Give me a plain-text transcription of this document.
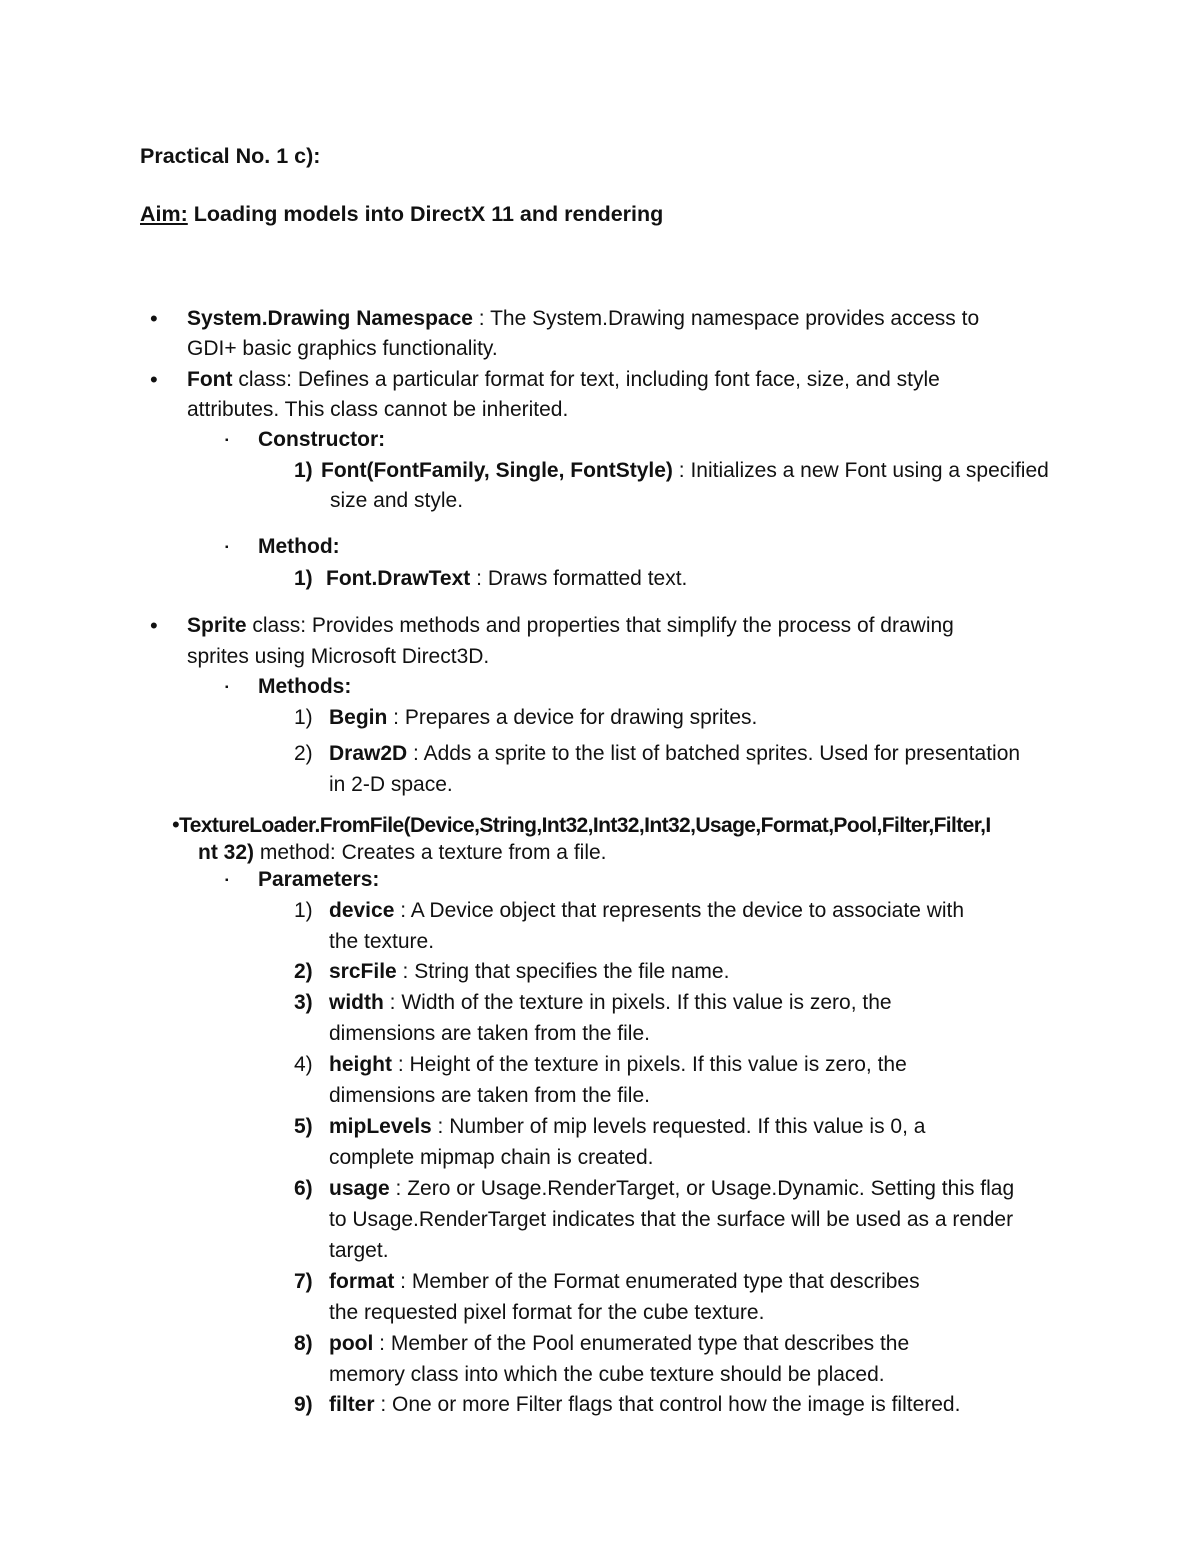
Practical No. 1 c):
Aim: Loading models into DirectX 11 and rendering
• System.Drawing Namespace : The System.Drawing namespace provides access to
GDI+ basic graphics functionality.
• Font class: Defines a particular format for text, including font face, size, and style
attributes. This class cannot be inherited.
▪ Constructor:
1) Font(FontFamily, Single, FontStyle) : Initializes a new Font using a specified
size and style.
▪ Method:
1) Font.DrawText : Draws formatted text.
• Sprite class: Provides methods and properties that simplify the process of drawing
sprites using Microsoft Direct3D.
▪ Methods:
1) Begin : Prepares a device for drawing sprites.
2) Draw2D : Adds a sprite to the list of batched sprites. Used for presentation
in 2-D space.
•TextureLoader.FromFile(Device,String,Int32,Int32,Int32,Usage,Format,Pool,Filter,Filter,I
nt 32) method: Creates a texture from a file.
▪ Parameters:
1) device : A Device object that represents the device to associate with
the texture.
2) srcFile : String that specifies the file name.
3) width : Width of the texture in pixels. If this value is zero, the
dimensions are taken from the file.
4) height : Height of the texture in pixels. If this value is zero, the
dimensions are taken from the file.
5) mipLevels : Number of mip levels requested. If this value is 0, a
complete mipmap chain is created.
6) usage : Zero or Usage.RenderTarget, or Usage.Dynamic. Setting this flag
to Usage.RenderTarget indicates that the surface will be used as a render
target.
7) format : Member of the Format enumerated type that describes
the requested pixel format for the cube texture.
8) pool : Member of the Pool enumerated type that describes the
memory class into which the cube texture should be placed.
9) filter : One or more Filter flags that control how the image is filtered.
